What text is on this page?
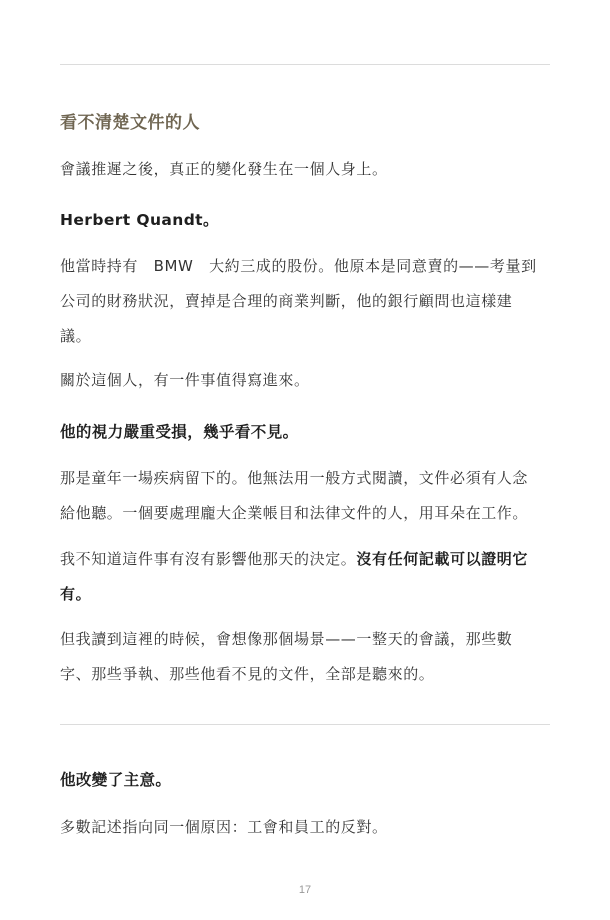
看不清楚文件的人
會議推遲之後，真正的變化發生在一個人身上。
Herbert Quandt。
他當時持有　BMW　大約三成的股份。他原本是同意賣的——考量到
公司的財務狀況，賣掉是合理的商業判斷，他的銀行顧問也這樣建
議。
關於這個人，有一件事值得寫進來。
他的視力嚴重受損，幾乎看不見。
那是童年一場疾病留下的。他無法用一般方式閱讀，文件必須有人念
給他聽。一個要處理龐大企業帳目和法律文件的人，用耳朵在工作。
我不知道這件事有沒有影響他那天的決定。沒有任何記載可以證明它
有。
但我讀到這裡的時候，會想像那個場景——一整天的會議，那些數
字、那些爭執、那些他看不見的文件，全部是聽來的。
他改變了主意。
多數記述指向同一個原因：工會和員工的反對。
17
